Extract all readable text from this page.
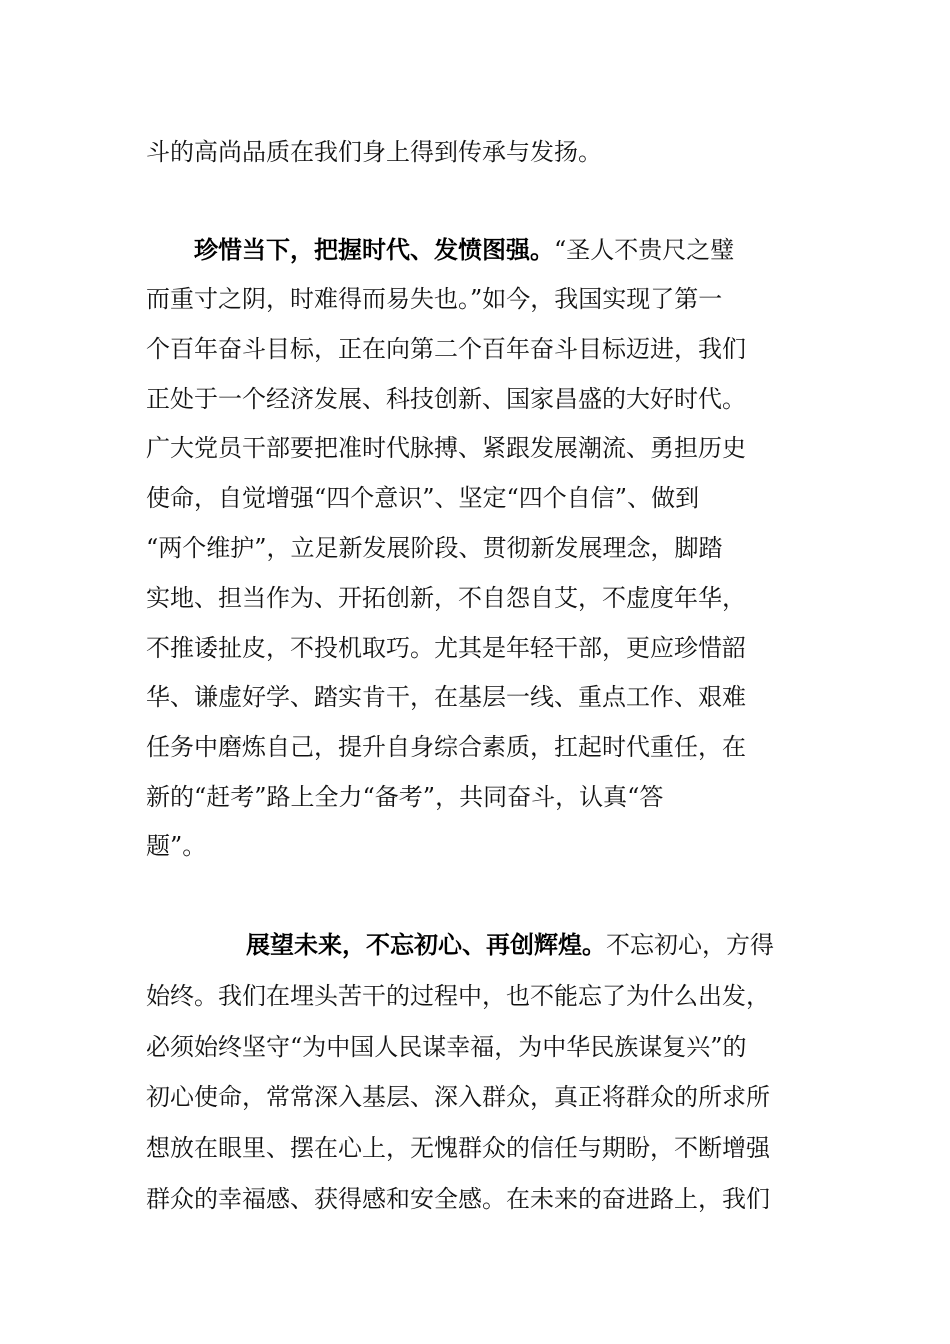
斗的高尚品质在我们身上得到传承与发扬。

珍惜当下，把握时代、发愤图强。“圣人不贵尺之璧

而重寸之阴，时难得而易失也。”如今，我国实现了第一

个百年奋斗目标，正在向第二个百年奋斗目标迈进，我们

正处于一个经济发展、科技创新、国家昌盛的大好时代。

广大党员干部要把准时代脉搏、紧跟发展潮流、勇担历史

使命，自觉增强“四个意识”、坚定“四个自信”、做到

“两个维护”，立足新发展阶段、贯彻新发展理念，脚踏

实地、担当作为、开拓创新，不自怨自艾，不虚度年华，

不推诿扯皮，不投机取巧。尤其是年轻干部，更应珍惜韶

华、谦虚好学、踏实肯干，在基层一线、重点工作、艰难

任务中磨炼自己，提升自身综合素质，扛起时代重任，在

新的“赶考”路上全力“备考”，共同奋斗，认真“答

题”。

展望未来，不忘初心、再创辉煌。不忘初心，方得

始终。我们在埋头苦干的过程中，也不能忘了为什么出发，

必须始终坚守“为中国人民谋幸福，为中华民族谋复兴”的

初心使命，常常深入基层、深入群众，真正将群众的所求所

想放在眼里、摆在心上，无愧群众的信任与期盼，不断增强

群众的幸福感、获得感和安全感。在未来的奋进路上，我们
